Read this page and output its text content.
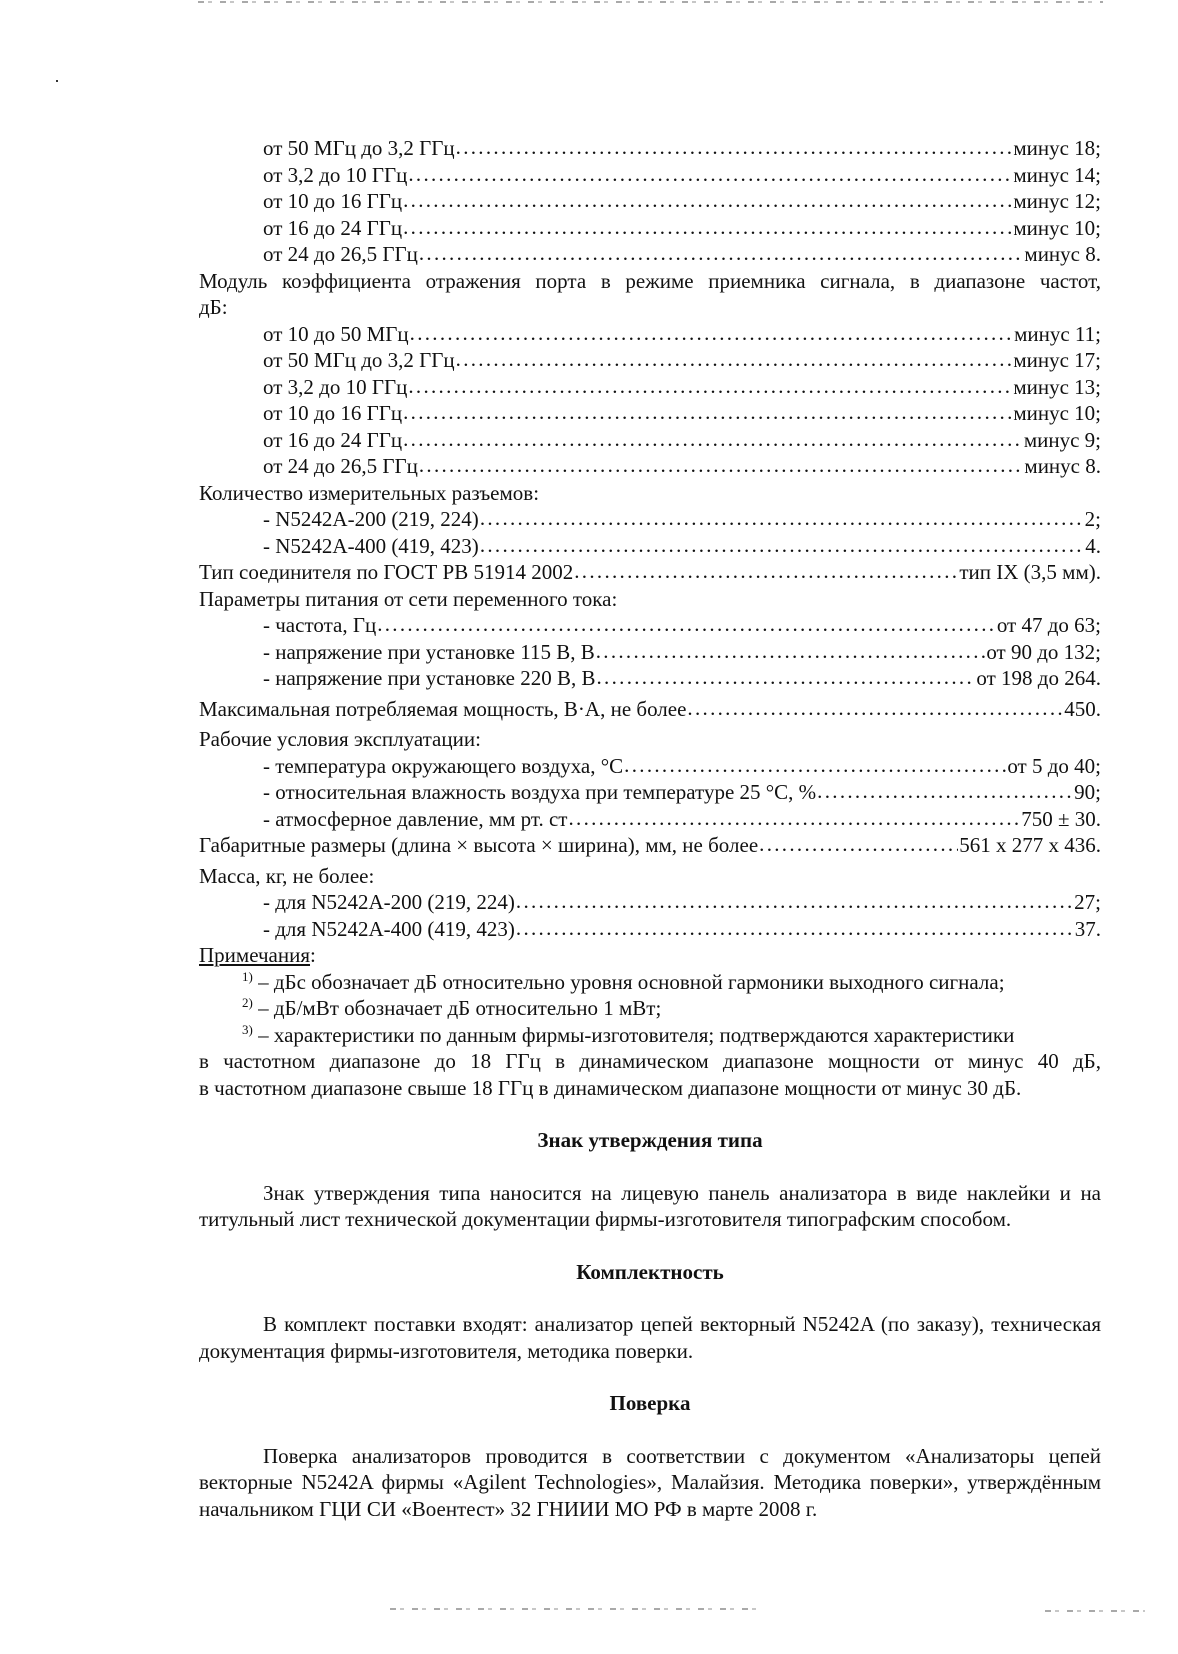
от 50 МГц до 3,2 ГГц .....	минус 18;
от 3,2 до 10 ГГц .....	минус 14;
от 10 до 16 ГГц .....	минус 12;
от 16 до 24 ГГц .....	минус 10;
от 24 до 26,5 ГГц .....	минус 8.
Модуль коэффициента отражения порта в режиме приемника сигнала, в диапазоне частот,
дБ:
от 10 до 50 МГц .....	минус 11;
от 50 МГц до 3,2 ГГц .....	минус 17;
от 3,2 до 10 ГГц .....	минус 13;
от 10 до 16 ГГц .....	минус 10;
от 16 до 24 ГГц .....	минус 9;
от 24 до 26,5 ГГц .....	минус 8.
Количество измерительных разъемов:
- N5242A-200 (219, 224) .....	2;
- N5242A-400 (419, 423) .....	4.
Тип соединителя по ГОСТ РВ 51914 2002 .....	тип IX (3,5 мм).
Параметры питания от сети переменного тока:
- частота, Гц .....	от 47 до 63;
- напряжение при установке 115 В, В .....	от 90 до 132;
- напряжение при установке 220 В, В .....	от 198 до 264.
Максимальная потребляемая мощность, В·А, не более .....	450.
Рабочие условия эксплуатации:
- температура окружающего воздуха, °С .....	от 5 до 40;
- относительная влажность воздуха при температуре 25 °С, % .....	90;
- атмосферное давление, мм рт. ст .....	750 ± 30.
Габаритные размеры (длина × высота × ширина), мм, не более .....	561 x 277 x 436.
Масса, кг, не более:
- для N5242A-200 (219, 224) .....	27;
- для N5242A-400 (419, 423) .....	37.
Примечания:
$^{1)}$ – дБс обозначает дБ относительно уровня основной гармоники выходного сигнала;
$^{2)}$ – дБ/мВт обозначает дБ относительно 1 мВт;
$^{3)}$ – характеристики по данным фирмы-изготовителя; подтверждаются характеристики
в частотном диапазоне до 18 ГГц в динамическом диапазоне мощности от минус 40 дБ,
в частотном диапазоне свыше 18 ГГц в динамическом диапазоне мощности от минус 30 дБ.
Знак утверждения типа

Знак утверждения типа наносится на лицевую панель анализатора в виде наклейки и на титульный лист технической документации фирмы-изготовителя типографским способом.

Комплектность

В комплект поставки входят: анализатор цепей векторный N5242A (по заказу), техническая документация фирмы-изготовителя, методика поверки.

Поверка

Поверка анализаторов проводится в соответствии с документом «Анализаторы цепей векторные N5242A фирмы «Agilent Technologies», Малайзия. Методика поверки», утверждённым начальником ГЦИ СИ «Воентест» 32 ГНИИИ МО РФ в марте 2008 г.
